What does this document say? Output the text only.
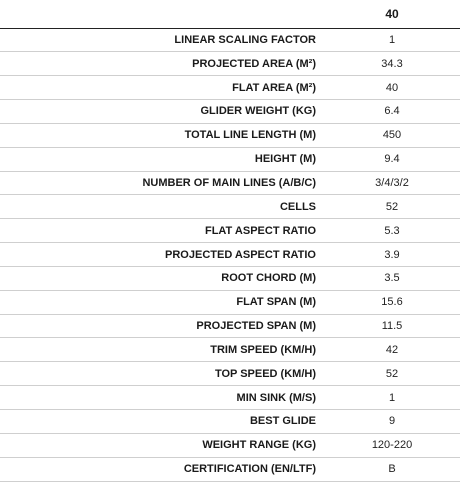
	40
LINEAR SCALING FACTOR	1
PROJECTED AREA (M²)	34.3
FLAT AREA (M²)	40
GLIDER WEIGHT (KG)	6.4
TOTAL LINE LENGTH (M)	450
HEIGHT (M)	9.4
NUMBER OF MAIN LINES (A/B/C)	3/4/3/2
CELLS	52
FLAT ASPECT RATIO	5.3
PROJECTED ASPECT RATIO	3.9
ROOT CHORD (M)	3.5
FLAT SPAN (M)	15.6
PROJECTED SPAN (M)	11.5
TRIM SPEED (KM/H)	42
TOP SPEED (KM/H)	52
MIN SINK (M/S)	1
BEST GLIDE	9
WEIGHT RANGE (KG)	120-220
CERTIFICATION (EN/LTF)	B
